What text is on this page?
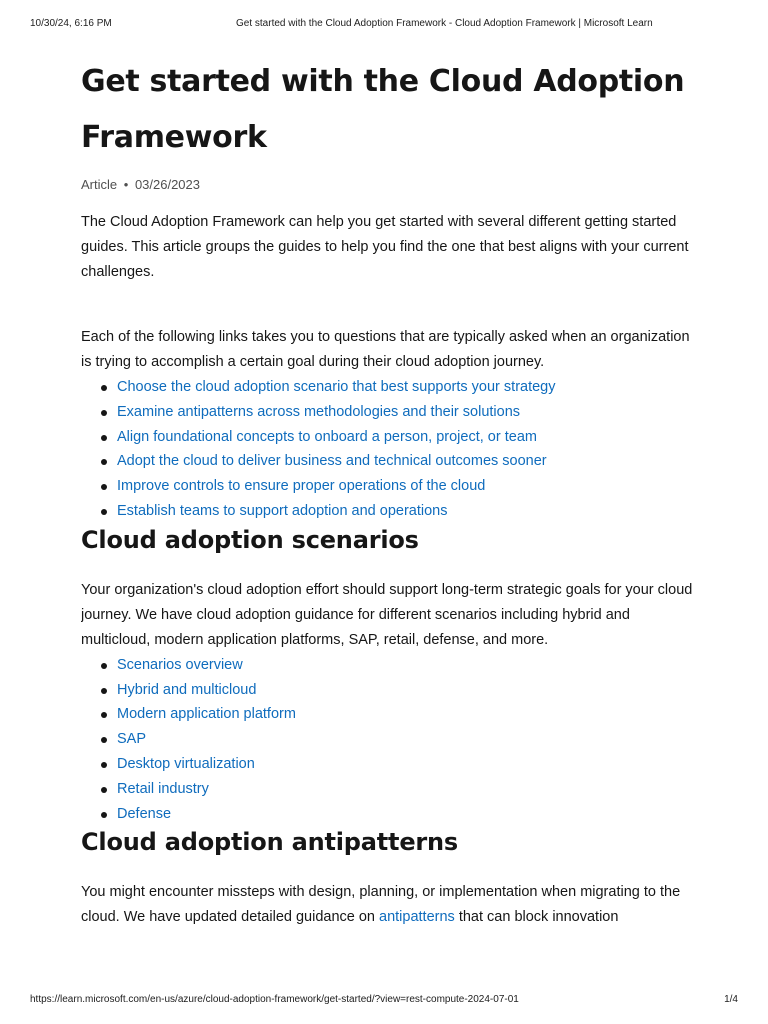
10/30/24, 6:16 PM	Get started with the Cloud Adoption Framework - Cloud Adoption Framework | Microsoft Learn
Get started with the Cloud Adoption Framework
Article • 03/26/2023

The Cloud Adoption Framework can help you get started with several different getting started guides. This article groups the guides to help you find the one that best aligns with your current challenges.

Each of the following links takes you to questions that are typically asked when an organization is trying to accomplish a certain goal during their cloud adoption journey.

Choose the cloud adoption scenario that best supports your strategy
Examine antipatterns across methodologies and their solutions
Align foundational concepts to onboard a person, project, or team
Adopt the cloud to deliver business and technical outcomes sooner
Improve controls to ensure proper operations of the cloud
Establish teams to support adoption and operations
Cloud adoption scenarios

Your organization's cloud adoption effort should support long-term strategic goals for your cloud journey. We have cloud adoption guidance for different scenarios including hybrid and multicloud, modern application platforms, SAP, retail, defense, and more.

Scenarios overview
Hybrid and multicloud
Modern application platform
SAP
Desktop virtualization
Retail industry
Defense
Cloud adoption antipatterns

You might encounter missteps with design, planning, or implementation when migrating to the cloud. We have updated detailed guidance on antipatterns that can block innovation

https://learn.microsoft.com/en-us/azure/cloud-adoption-framework/get-started/?view=rest-compute-2024-07-01	1/4
